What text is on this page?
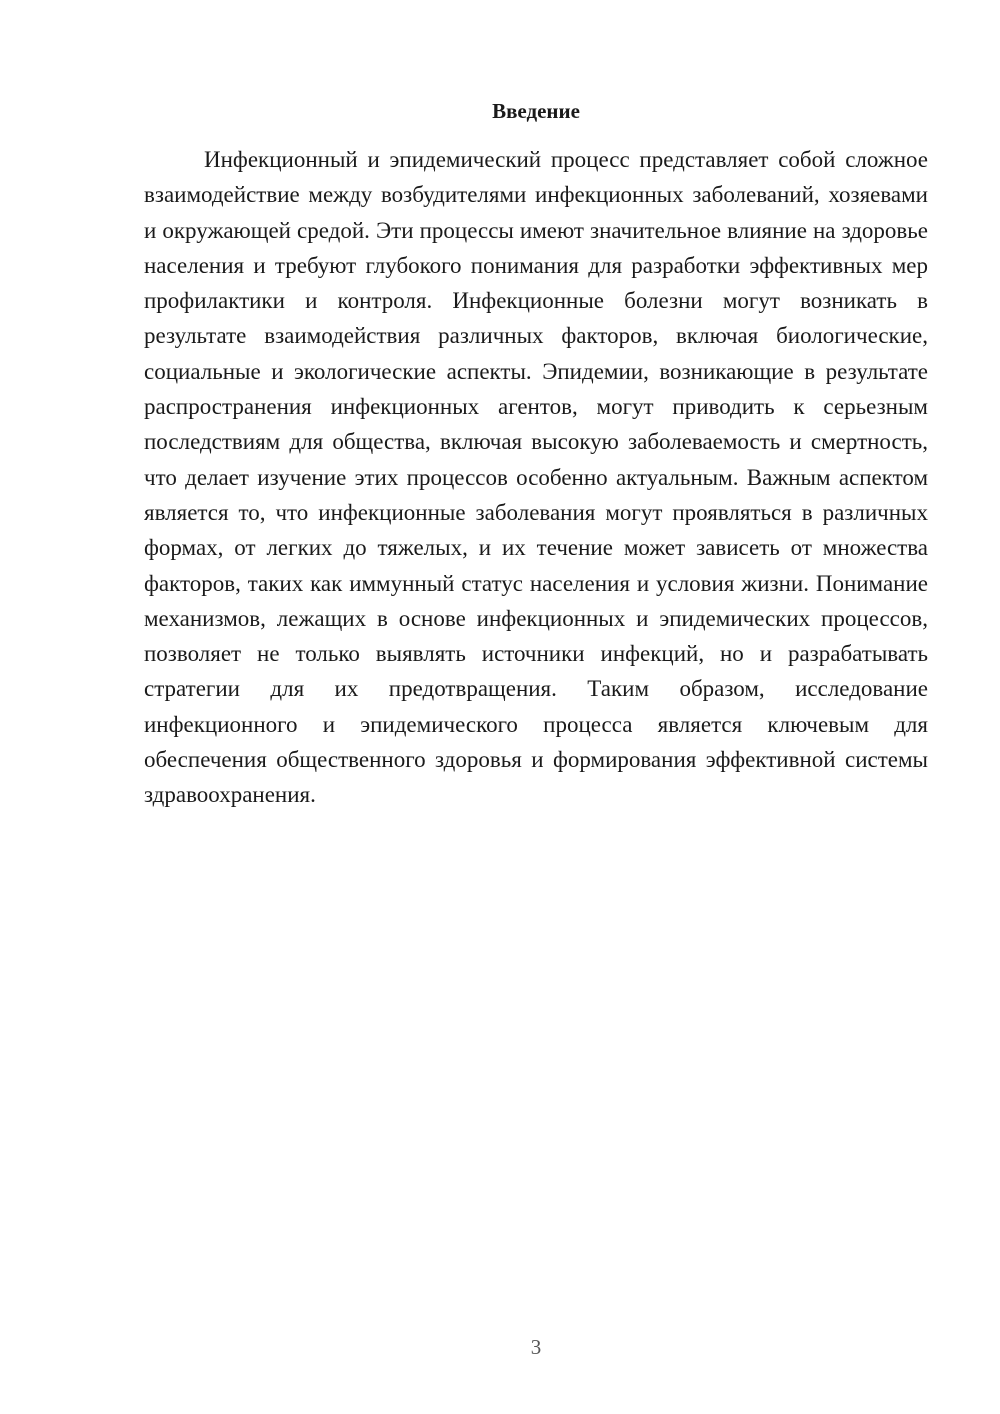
Введение

Инфекционный и эпидемический процесс представляет собой сложное взаимодействие между возбудителями инфекционных заболеваний, хозяевами и окружающей средой. Эти процессы имеют значительное влияние на здоровье населения и требуют глубокого понимания для разработки эффективных мер профилактики и контроля. Инфекционные болезни могут возникать в результате взаимодействия различных факторов, включая биологические, социальные и экологические аспекты. Эпидемии, возникающие в результате распространения инфекционных агентов, могут приводить к серьезным последствиям для общества, включая высокую заболеваемость и смертность, что делает изучение этих процессов особенно актуальным. Важным аспектом является то, что инфекционные заболевания могут проявляться в различных формах, от легких до тяжелых, и их течение может зависеть от множества факторов, таких как иммунный статус населения и условия жизни. Понимание механизмов, лежащих в основе инфекционных и эпидемических процессов, позволяет не только выявлять источники инфекций, но и разрабатывать стратегии для их предотвращения. Таким образом, исследование инфекционного и эпидемического процесса является ключевым для обеспечения общественного здоровья и формирования эффективной системы здравоохранения.

3
